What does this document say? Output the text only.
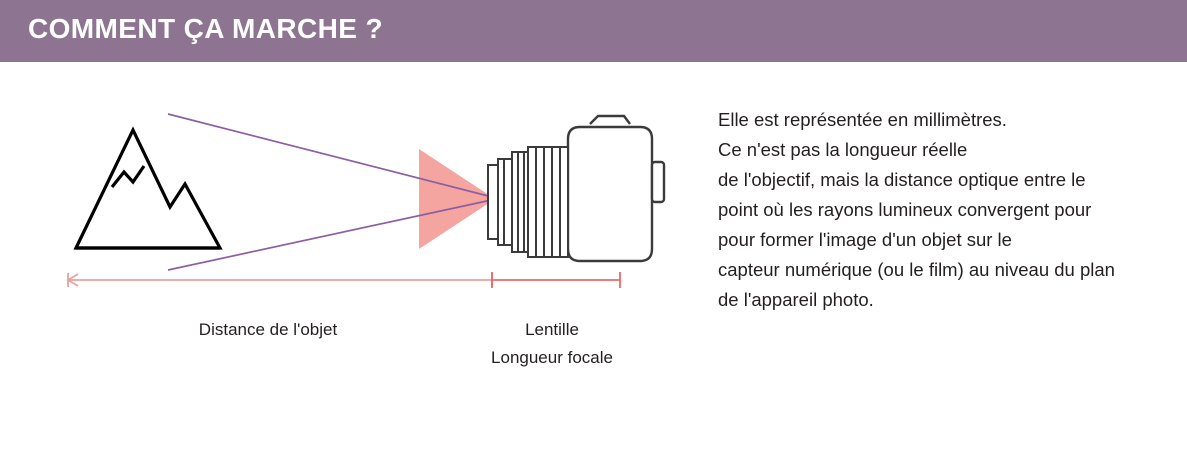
COMMENT ÇA MARCHE ?
Distance de l'objet	Lentille
Longueur focale
Elle est représentée en millimètres.
Ce n'est pas la longueur réelle
de l'objectif, mais la distance optique entre le
point où les rayons lumineux convergent pour
pour former l'image d'un objet sur le
capteur numérique (ou le film) au niveau du plan
de l'appareil photo.
